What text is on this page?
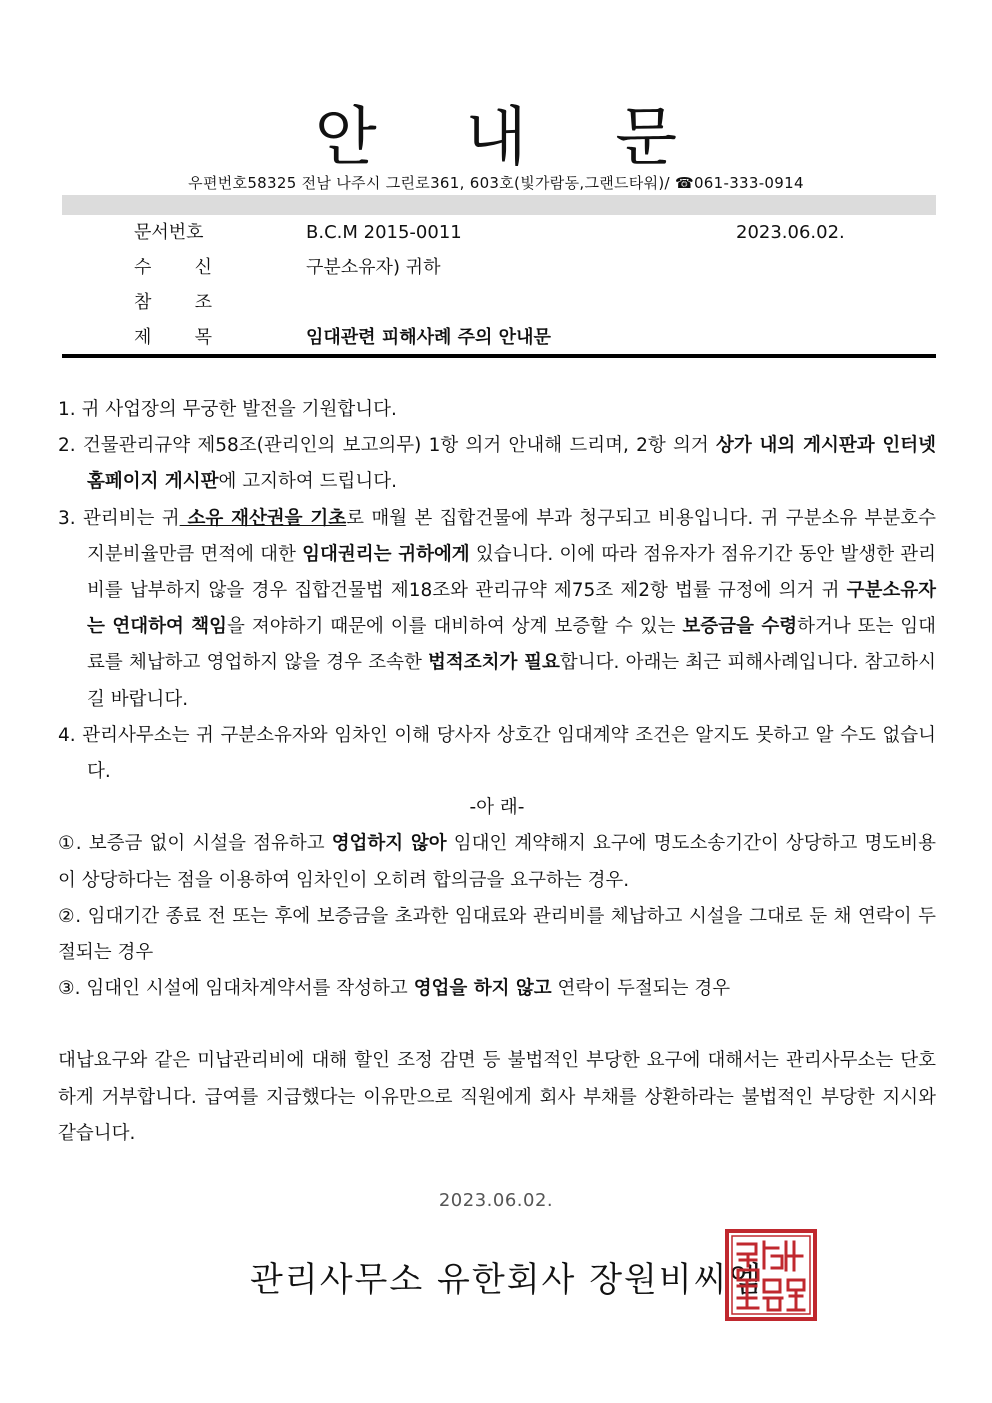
안 내 문
우편번호58325 전남 나주시 그린로361, 603호(빛가람동,그랜드타워)/ ☎061-333-0914
문서번호	B.C.M 2015-0011	2023.06.02.
수 신	구분소유자) 귀하
참 조
제 목	임대관련 피해사례 주의 안내문

1. 귀 사업장의 무궁한 발전을 기원합니다.

2. 건물관리규약 제58조(관리인의 보고의무) 1항 의거 안내해 드리며, 2항 의거 상가 내의 게시판과 인터넷 홈페이지 게시판에 고지하여 드립니다.

3. 관리비는 귀 소유 재산권을 기초로 매월 본 집합건물에 부과 청구되고 비용입니다. 귀 구분소유 부분호수 지분비율만큼 면적에 대한 임대권리는 귀하에게 있습니다. 이에 따라 점유자가 점유기간 동안 발생한 관리비를 납부하지 않을 경우 집합건물법 제18조와 관리규약 제75조 제2항 법률 규정에 의거 귀 구분소유자는 연대하여 책임을 져야하기 때문에 이를 대비하여 상계 보증할 수 있는 보증금을 수령하거나 또는 임대료를 체납하고 영업하지 않을 경우 조속한 법적조치가 필요합니다. 아래는 최근 피해사례입니다. 참고하시길 바랍니다.

4. 관리사무소는 귀 구분소유자와 임차인 이해 당사자 상호간 임대계약 조건은 알지도 못하고 알 수도 없습니다.

-아 래-

①. 보증금 없이 시설을 점유하고 영업하지 않아 임대인 계약해지 요구에 명도소송기간이 상당하고 명도비용이 상당하다는 점을 이용하여 임차인이 오히려 합의금을 요구하는 경우.

②. 임대기간 종료 전 또는 후에 보증금을 초과한 임대료와 관리비를 체납하고 시설을 그대로 둔 채 연락이 두절되는 경우

③. 임대인 시설에 임대차계약서를 작성하고 영업을 하지 않고 연락이 두절되는 경우

대납요구와 같은 미납관리비에 대해 할인 조정 감면 등 불법적인 부당한 요구에 대해서는 관리사무소는 단호하게 거부합니다. 급여를 지급했다는 이유만으로 직원에게 회사 부채를 상환하라는 불법적인 부당한 지시와 같습니다.

2023.06.02.
관리사무소 유한회사 장원비씨엠
